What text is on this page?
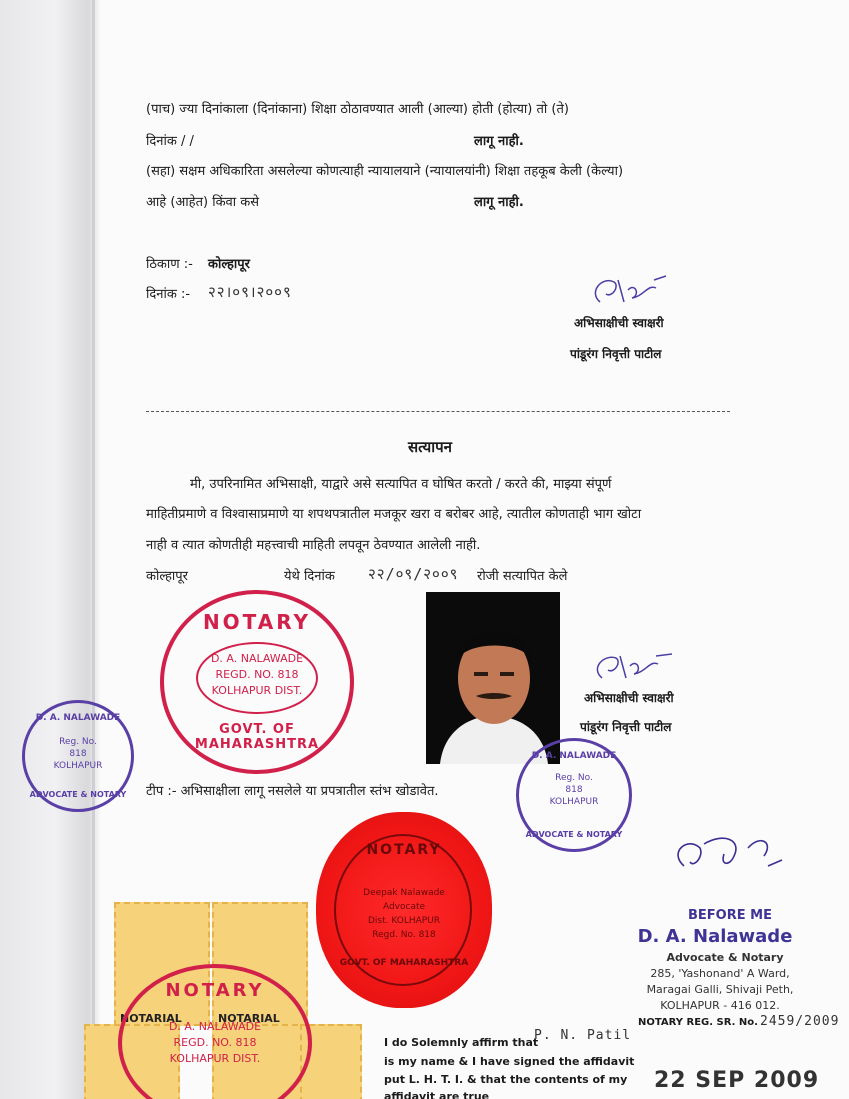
(पाच) ज्या दिनांकाला (दिनांकाना) शिक्षा ठोठावण्यात आली (आल्या) होती (होत्या) तो (ते)
दिनांक / /	लागू नाही.
(सहा) सक्षम अधिकारिता असलेल्या कोणत्याही न्यायालयाने (न्यायालयांनी) शिक्षा तहकूब केली (केल्या)
आहे (आहेत) किंवा कसे	लागू नाही.
ठिकाण :- कोल्हापूर
दिनांक :- २२।०९।२००९
अभिसाक्षीची स्वाक्षरी
पांडूरंग निवृत्ती पाटील
सत्यापन
मी, उपरिनामित अभिसाक्षी, याद्वारे असे सत्यापित व घोषित करतो / करते की, माझ्या संपूर्ण
माहितीप्रमाणे व विश्वासाप्रमाणे या शपथपत्रातील मजकूर खरा व बरोबर आहे, त्यातील कोणताही भाग खोटा
नाही व त्यात कोणतीही महत्त्वाची माहिती लपवून ठेवण्यात आलेली नाही.
कोल्हापूर	येथे दिनांक २२/०९/२००९ रोजी सत्यापित केले
NOTARY
D. A. NALAWADE
REGD. NO. 818
KOLHAPUR DIST.
GOVT. OF MAHARASHTRA
अभिसाक्षीची स्वाक्षरी
पांडूरंग निवृत्ती पाटील
D. A. NALAWADE
Reg. No.
818
KOLHAPUR
ADVOCATE & NOTARY
D. A. NALAWADE
Reg. No.
818
KOLHAPUR
ADVOCATE & NOTARY
टीप :- अभिसाक्षीला लागू नसलेले या प्रपत्रातील स्तंभ खोडावेत.
NOTARY
Deepak Nalawade
Advocate
Dist. KOLHAPUR
Regd. No. 818
GOVT. OF MAHARASHTRA
NOTARIAL	NOTARIAL
NOTARY
D. A. NALAWADE
REGD. NO. 818
KOLHAPUR DIST.
BEFORE ME
D. A. Nalawade
Advocate & Notary
285, 'Yashonand' A Ward,
Maragai Galli, Shivaji Peth,
KOLHAPUR - 416 012.
NOTARY REG. SR. No. 2459/2009
22 SEP 2009
I do Solemnly affirm that
P. N. Patil
is my name & I have signed the affidavit
put L. H. T. I. & that the contents of my
affidavit are true
